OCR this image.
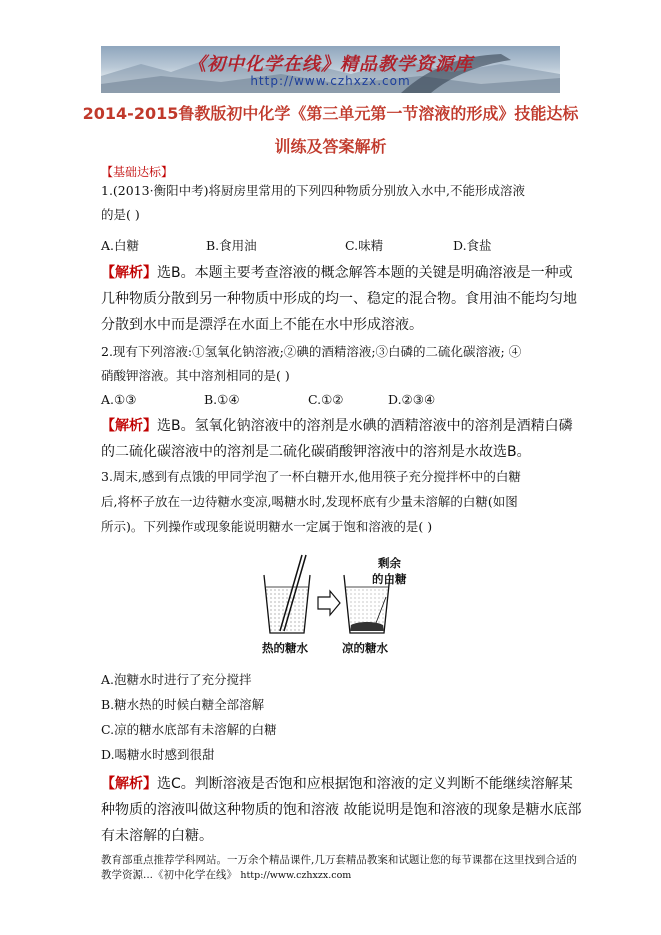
《初中化学在线》精品教学资源库
http://www.czhxzx.com
2014-2015鲁教版初中化学《第三单元第一节溶液的形成》技能达标
训练及答案解析
【基础达标】
1.(2013·衡阳中考)将厨房里常用的下列四种物质分别放入水中,不能形成溶液
的是( )
A.白糖	B.食用油	C.味精	D.食盐
【解析】选B。本题主要考查溶液的概念解答本题的关键是明确溶液是一种或
几种物质分散到另一种物质中形成的均一、稳定的混合物。食用油不能均匀地
分散到水中而是漂浮在水面上不能在水中形成溶液。
2.现有下列溶液:①氢氧化钠溶液;②碘的酒精溶液;③白磷的二硫化碳溶液; ④
硝酸钾溶液。其中溶剂相同的是( )
A.①③	B.①④	C.①②	D.②③④
【解析】选B。氢氧化钠溶液中的溶剂是水碘的酒精溶液中的溶剂是酒精白磷
的二硫化碳溶液中的溶剂是二硫化碳硝酸钾溶液中的溶剂是水故选B。
3.周末,感到有点饿的甲同学泡了一杯白糖开水,他用筷子充分搅拌杯中的白糖
后,将杯子放在一边待糖水变凉,喝糖水时,发现杯底有少量未溶解的白糖(如图
所示)。下列操作或现象能说明糖水一定属于饱和溶液的是( )
剩余
的白糖
热的糖水	凉的糖水
A.泡糖水时进行了充分搅拌
B.糖水热的时候白糖全部溶解
C.凉的糖水底部有未溶解的白糖
D.喝糖水时感到很甜
【解析】选C。判断溶液是否饱和应根据饱和溶液的定义判断不能继续溶解某
种物质的溶液叫做这种物质的饱和溶液 故能说明是饱和溶液的现象是糖水底部
有未溶解的白糖。
教育部重点推荐学科网站。一万余个精品课件,几万套精品教案和试题让您的每节课都在这里找到合适的
教学资源...《初中化学在线》 http://www.czhxzx.com
